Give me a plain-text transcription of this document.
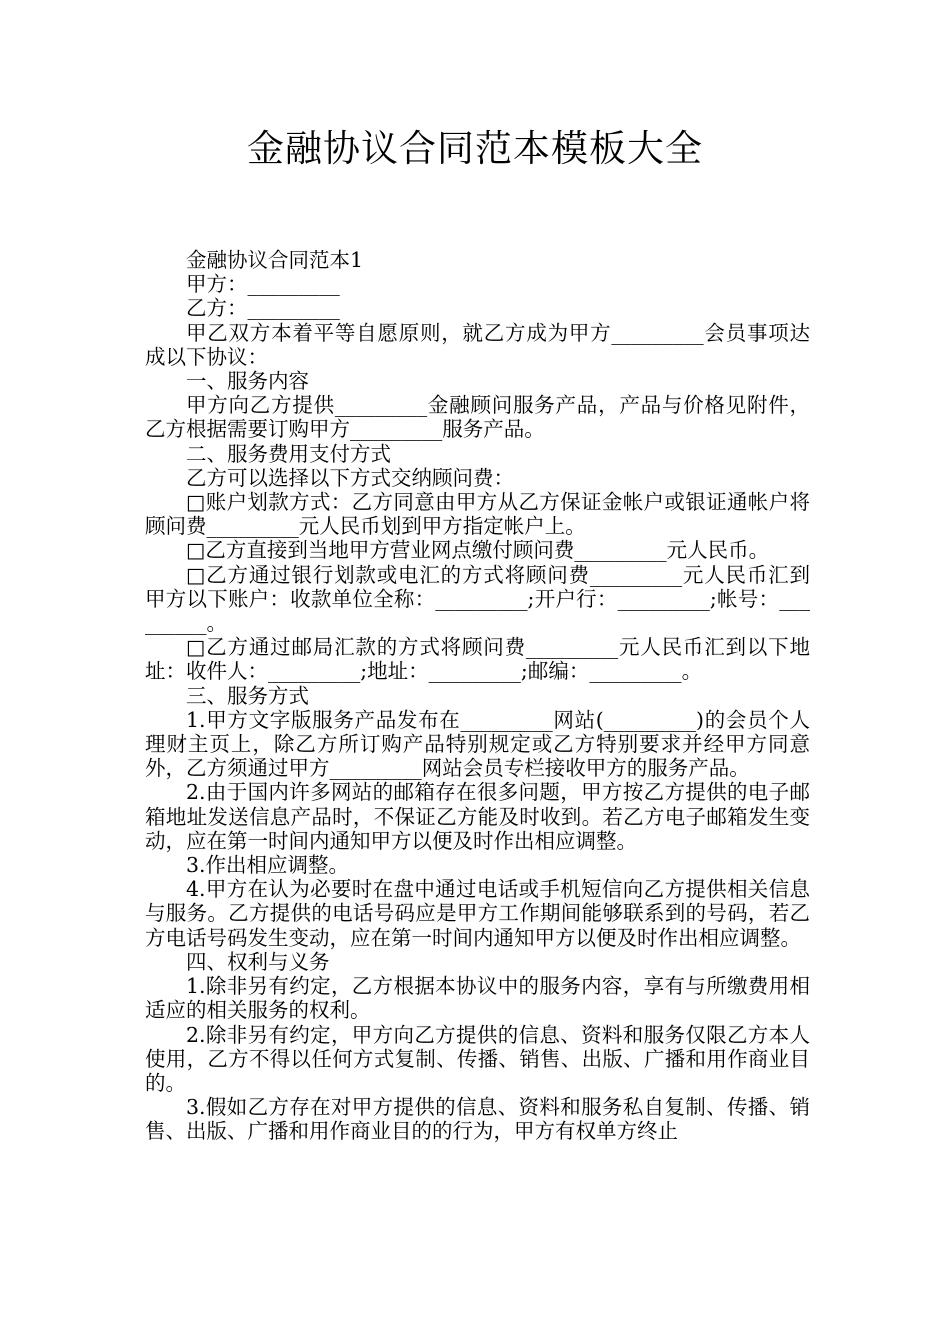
金融协议合同范本模板大全

金融协议合同范本1

甲方：_________

乙方：_________

甲乙双方本着平等自愿原则，就乙方成为甲方_________会员事项达成以下协议：

一、服务内容

甲方向乙方提供_________金融顾问服务产品，产品与价格见附件，乙方根据需要订购甲方_________服务产品。

二、服务费用支付方式

乙方可以选择以下方式交纳顾问费：

□账户划款方式：乙方同意由甲方从乙方保证金帐户或银证通帐户将顾问费_________元人民币划到甲方指定帐户上。

□乙方直接到当地甲方营业网点缴付顾问费_________元人民币。

□乙方通过银行划款或电汇的方式将顾问费_________元人民币汇到甲方以下账户：收款单位全称：_________;开户行：_________;帐号：_________。

□乙方通过邮局汇款的方式将顾问费_________元人民币汇到以下地址：收件人：_________;地址：_________;邮编：_________。

三、服务方式

1.甲方文字版服务产品发布在_________网站(_________)的会员个人理财主页上，除乙方所订购产品特别规定或乙方特别要求并经甲方同意外，乙方须通过甲方_________网站会员专栏接收甲方的服务产品。

2.由于国内许多网站的邮箱存在很多问题，甲方按乙方提供的电子邮箱地址发送信息产品时，不保证乙方能及时收到。若乙方电子邮箱发生变动，应在第一时间内通知甲方以便及时作出相应调整。

3.作出相应调整。

4.甲方在认为必要时在盘中通过电话或手机短信向乙方提供相关信息与服务。乙方提供的电话号码应是甲方工作期间能够联系到的号码，若乙方电话号码发生变动，应在第一时间内通知甲方以便及时作出相应调整。

四、权利与义务

1.除非另有约定，乙方根据本协议中的服务内容，享有与所缴费用相适应的相关服务的权利。

2.除非另有约定，甲方向乙方提供的信息、资料和服务仅限乙方本人使用，乙方不得以任何方式复制、传播、销售、出版、广播和用作商业目的。

3.假如乙方存在对甲方提供的信息、资料和服务私自复制、传播、销售、出版、广播和用作商业目的的行为，甲方有权单方终止
